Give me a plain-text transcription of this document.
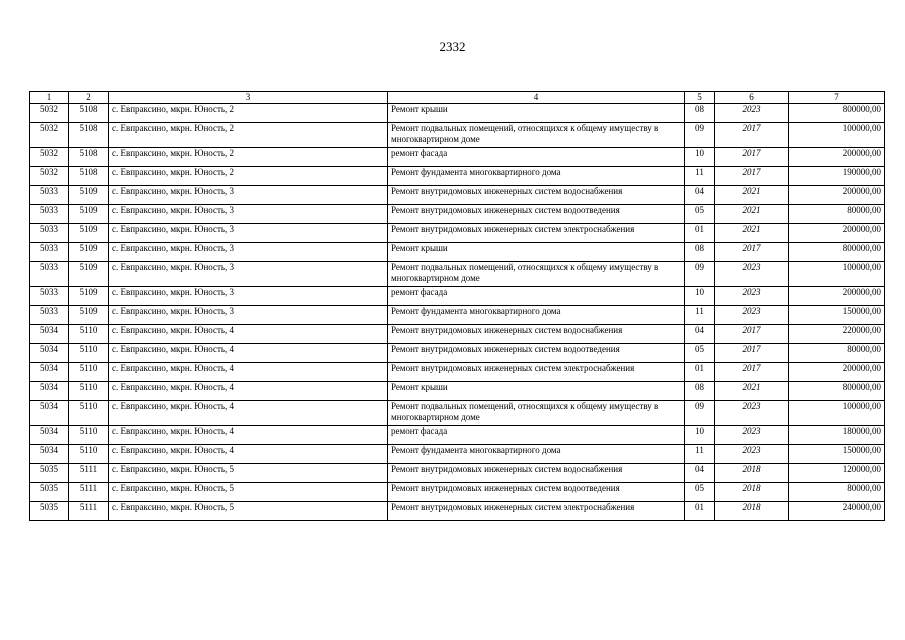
2332
1	2	3	4	5	6	7
5032	5108	с. Евпраксино, мкрн. Юность, 2	Ремонт крыши	08	2023	800000,00
5032	5108	с. Евпраксино, мкрн. Юность, 2	Ремонт подвальных помещений, относящихся к общему имуществу в многоквартирном доме	09	2017	100000,00
5032	5108	с. Евпраксино, мкрн. Юность, 2	ремонт фасада	10	2017	200000,00
5032	5108	с. Евпраксино, мкрн. Юность, 2	Ремонт фундамента многоквартирного дома	11	2017	190000,00
5033	5109	с. Евпраксино, мкрн. Юность, 3	Ремонт внутридомовых инженерных систем водоснабжения	04	2021	200000,00
5033	5109	с. Евпраксино, мкрн. Юность, 3	Ремонт внутридомовых инженерных систем водоотведения	05	2021	80000,00
5033	5109	с. Евпраксино, мкрн. Юность, 3	Ремонт внутридомовых инженерных систем электроснабжения	01	2021	200000,00
5033	5109	с. Евпраксино, мкрн. Юность, 3	Ремонт крыши	08	2017	800000,00
5033	5109	с. Евпраксино, мкрн. Юность, 3	Ремонт подвальных помещений, относящихся к общему имуществу в многоквартирном доме	09	2023	100000,00
5033	5109	с. Евпраксино, мкрн. Юность, 3	ремонт фасада	10	2023	200000,00
5033	5109	с. Евпраксино, мкрн. Юность, 3	Ремонт фундамента многоквартирного дома	11	2023	150000,00
5034	5110	с. Евпраксино, мкрн. Юность, 4	Ремонт внутридомовых инженерных систем водоснабжения	04	2017	220000,00
5034	5110	с. Евпраксино, мкрн. Юность, 4	Ремонт внутридомовых инженерных систем водоотведения	05	2017	80000,00
5034	5110	с. Евпраксино, мкрн. Юность, 4	Ремонт внутридомовых инженерных систем электроснабжения	01	2017	200000,00
5034	5110	с. Евпраксино, мкрн. Юность, 4	Ремонт крыши	08	2021	800000,00
5034	5110	с. Евпраксино, мкрн. Юность, 4	Ремонт подвальных помещений, относящихся к общему имуществу в многоквартирном доме	09	2023	100000,00
5034	5110	с. Евпраксино, мкрн. Юность, 4	ремонт фасада	10	2023	180000,00
5034	5110	с. Евпраксино, мкрн. Юность, 4	Ремонт фундамента многоквартирного дома	11	2023	150000,00
5035	5111	с. Евпраксино, мкрн. Юность, 5	Ремонт внутридомовых инженерных систем водоснабжения	04	2018	120000,00
5035	5111	с. Евпраксино, мкрн. Юность, 5	Ремонт внутридомовых инженерных систем водоотведения	05	2018	80000,00
5035	5111	с. Евпраксино, мкрн. Юность, 5	Ремонт внутридомовых инженерных систем электроснабжения	01	2018	240000,00
